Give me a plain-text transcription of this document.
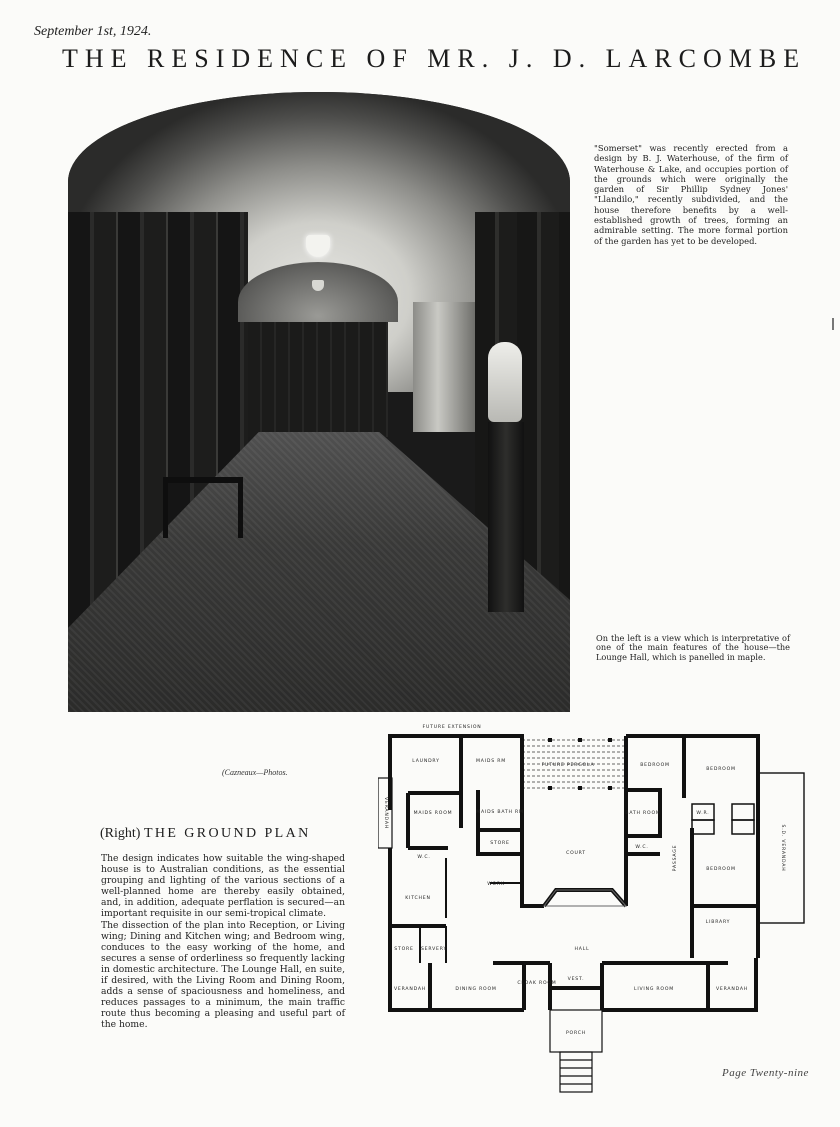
September 1st, 1924.
THE RESIDENCE OF MR. J. D. LARCOMBE
(Cazneaux—Photos.
"Somerset" was recently erected from a design by B. J. Waterhouse, of the firm of Waterhouse & Lake, and occupies portion of the grounds which were originally the garden of Sir Phillip Sydney Jones' "Llandilo," recently subdivided, and the house therefore benefits by a well-established growth of trees, forming an admirable setting. The more formal portion of the garden has yet to be developed.
On the left is a view which is interpretative of one of the main features of the house—the Lounge Hall, which is panelled in maple.
(Right) THE GROUND PLAN

The design indicates how suitable the wing-shaped house is to Australian conditions, as the essential grouping and lighting of the various sections of a well-planned home are thereby easily obtained, and, in addition, adequate perflation is secured—an important requisite in our semi-tropical climate.

The dissection of the plan into Reception, or Living wing; Dining and Kitchen wing; and Bedroom wing, conduces to the easy working of the home, and secures a sense of orderliness so frequently lacking in domestic architecture. The Lounge Hall, en suite, if desired, with the Living Room and Dining Room, adds a sense of spaciousness and homeliness, and reduces passages to a minimum, the main traffic route thus becoming a pleasing and useful part of the home.

FUTURE EXTENSION
LAUNDRY	MAIDS RM
FUTURE PERGOLA
MAIDS ROOM	MAIDS BATH RM
STORE
W.C.
COURT
WORK
KITCHEN
STORE SERVERY	HALL
VERANDAH	DINING ROOM
CLOAK ROOM
VEST.
LIVING ROOM	VERANDAH
PORCH
BEDROOM
BEDROOM
BEDROOM
BATH ROOM
W.C.
W.R.
LIBRARY
PASSAGE	S.D. VERANDAH
VERANDAH
Page Twenty-nine
